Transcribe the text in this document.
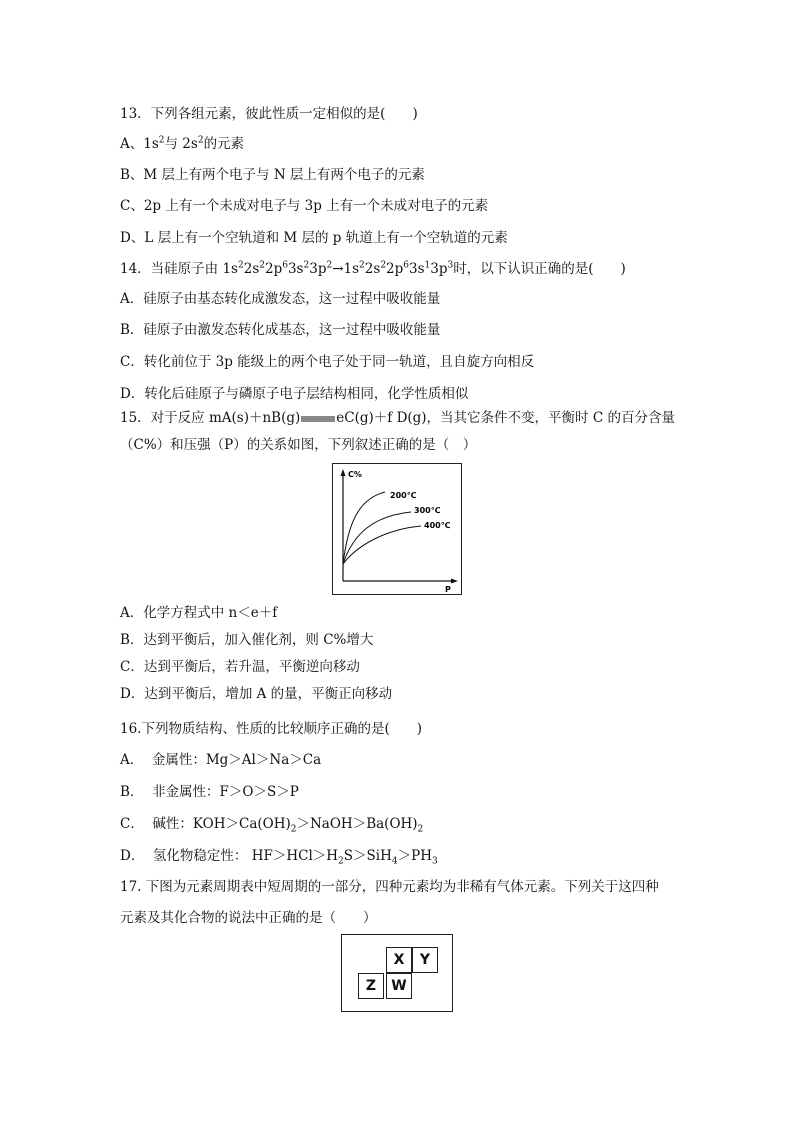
13．下列各组元素，彼此性质一定相似的是(　　)
A、$1s^2$与 $2s^2$的元素
B、M 层上有两个电子与 N 层上有两个电子的元素
C、2p 上有一个未成对电子与 3p 上有一个未成对电子的元素
D、L 层上有一个空轨道和 M 层的 p 轨道上有一个空轨道的元素
14．当硅原子由 $1s^22s^22p^63s^23p^2\to 1s^22s^22p^63s^13p^3$时，以下认识正确的是(　　)
A．硅原子由基态转化成激发态，这一过程中吸收能量
B．硅原子由激发态转化成基态，这一过程中吸收能量
C．转化前位于 3p 能级上的两个电子处于同一轨道，且自旋方向相反
D．转化后硅原子与磷原子电子层结构相同，化学性质相似
15．对于反应 mA(s)＋nB(g)	eC(g)＋f D(g)，当其它条件不变，平衡时 C 的百分含量
（C%）和压强（P）的关系如图，下列叙述正确的是（　）
C%
P
200℃
300℃
400℃
A．化学方程式中 n＜e＋f
B．达到平衡后，加入催化剂，则 C%增大
C．达到平衡后，若升温，平衡逆向移动
D．达到平衡后，增加 A 的量，平衡正向移动
16.下列物质结构、性质的比较顺序正确的是(　　)
A． 金属性：Mg＞Al＞Na＞Ca
B． 非金属性：F＞O＞S＞P
C． 碱性：$KOH>Ca(OH)_2>NaOH>Ba(OH)_2$
D． 氢化物稳定性： $HF>HCl>H_2S>SiH_4>PH_3$
17. 下图为元素周期表中短周期的一部分，四种元素均为非稀有气体元素。下列关于这四种
元素及其化合物的说法中正确的是（　　）
X	Y
Z	W
